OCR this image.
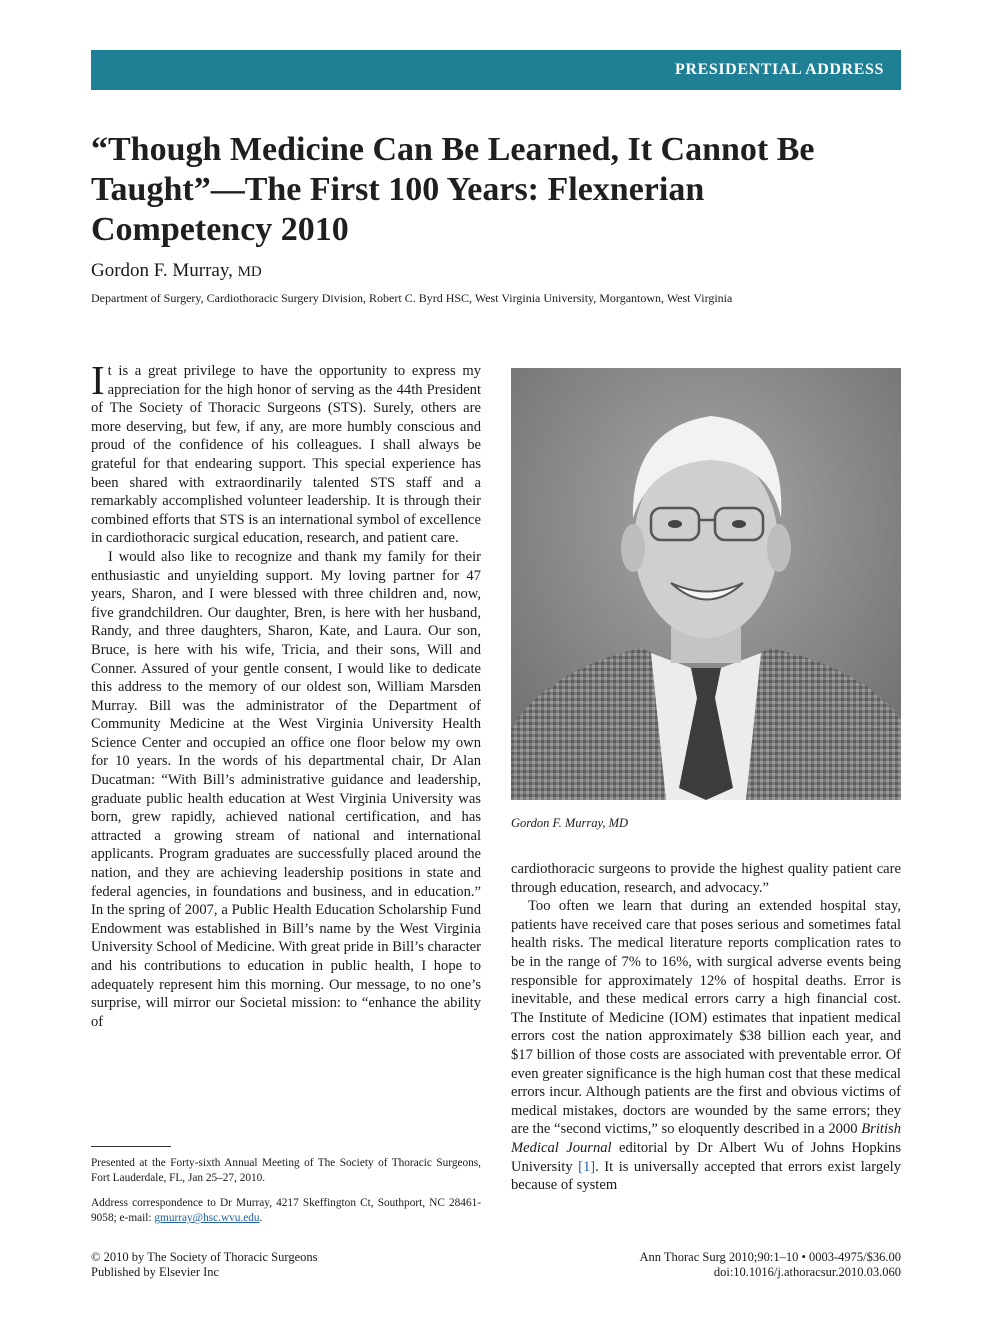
PRESIDENTIAL ADDRESS
“Though Medicine Can Be Learned, It Cannot Be Taught”—The First 100 Years: Flexnerian Competency 2010
Gordon F. Murray, MD
Department of Surgery, Cardiothoracic Surgery Division, Robert C. Byrd HSC, West Virginia University, Morgantown, West Virginia

It is a great privilege to have the opportunity to express my appreciation for the high honor of serving as the 44th President of The Society of Thoracic Surgeons (STS). Surely, others are more deserving, but few, if any, are more humbly conscious and proud of the confidence of his colleagues. I shall always be grateful for that endearing support. This special experience has been shared with extraordinarily talented STS staff and a remarkably accomplished volunteer leadership. It is through their combined efforts that STS is an international symbol of excellence in cardiothoracic surgical education, research, and patient care.

I would also like to recognize and thank my family for their enthusiastic and unyielding support. My loving partner for 47 years, Sharon, and I were blessed with three children and, now, five grandchildren. Our daughter, Bren, is here with her husband, Randy, and three daughters, Sharon, Kate, and Laura. Our son, Bruce, is here with his wife, Tricia, and their sons, Will and Conner. Assured of your gentle consent, I would like to dedicate this address to the memory of our oldest son, William Marsden Murray. Bill was the administrator of the Department of Community Medicine at the West Virginia University Health Science Center and occupied an office one floor below my own for 10 years. In the words of his departmental chair, Dr Alan Ducatman: “With Bill’s administrative guidance and leadership, graduate public health education at West Virginia University was born, grew rapidly, achieved national certification, and has attracted a growing stream of national and international applicants. Program graduates are successfully placed around the nation, and they are achieving leadership positions in state and federal agencies, in foundations and business, and in education.” In the spring of 2007, a Public Health Education Scholarship Fund Endowment was established in Bill’s name by the West Virginia University School of Medicine. With great pride in Bill’s character and his contributions to education in public health, I hope to adequately represent him this morning. Our message, to no one’s surprise, will mirror our Societal mission: to “enhance the ability of

Gordon F. Murray, MD

cardiothoracic surgeons to provide the highest quality patient care through education, research, and advocacy.”

Too often we learn that during an extended hospital stay, patients have received care that poses serious and sometimes fatal health risks. The medical literature reports complication rates to be in the range of 7% to 16%, with surgical adverse events being responsible for approximately 12% of hospital deaths. Error is inevitable, and these medical errors carry a high financial cost. The Institute of Medicine (IOM) estimates that inpatient medical errors cost the nation approximately $38 billion each year, and $17 billion of those costs are associated with preventable error. Of even greater significance is the high human cost that these medical errors incur. Although patients are the first and obvious victims of medical mistakes, doctors are wounded by the same errors; they are the “second victims,” so eloquently described in a 2000 British Medical Journal editorial by Dr Albert Wu of Johns Hopkins University [1]. It is universally accepted that errors exist largely because of system

Presented at the Forty-sixth Annual Meeting of The Society of Thoracic Surgeons, Fort Lauderdale, FL, Jan 25–27, 2010.
Address correspondence to Dr Murray, 4217 Skeffington Ct, Southport, NC 28461-9058; e-mail: gmurray@hsc.wvu.edu.
© 2010 by The Society of Thoracic Surgeons
Published by Elsevier Inc
Ann Thorac Surg 2010;90:1–10 • 0003-4975/$36.00
doi:10.1016/j.athoracsur.2010.03.060
